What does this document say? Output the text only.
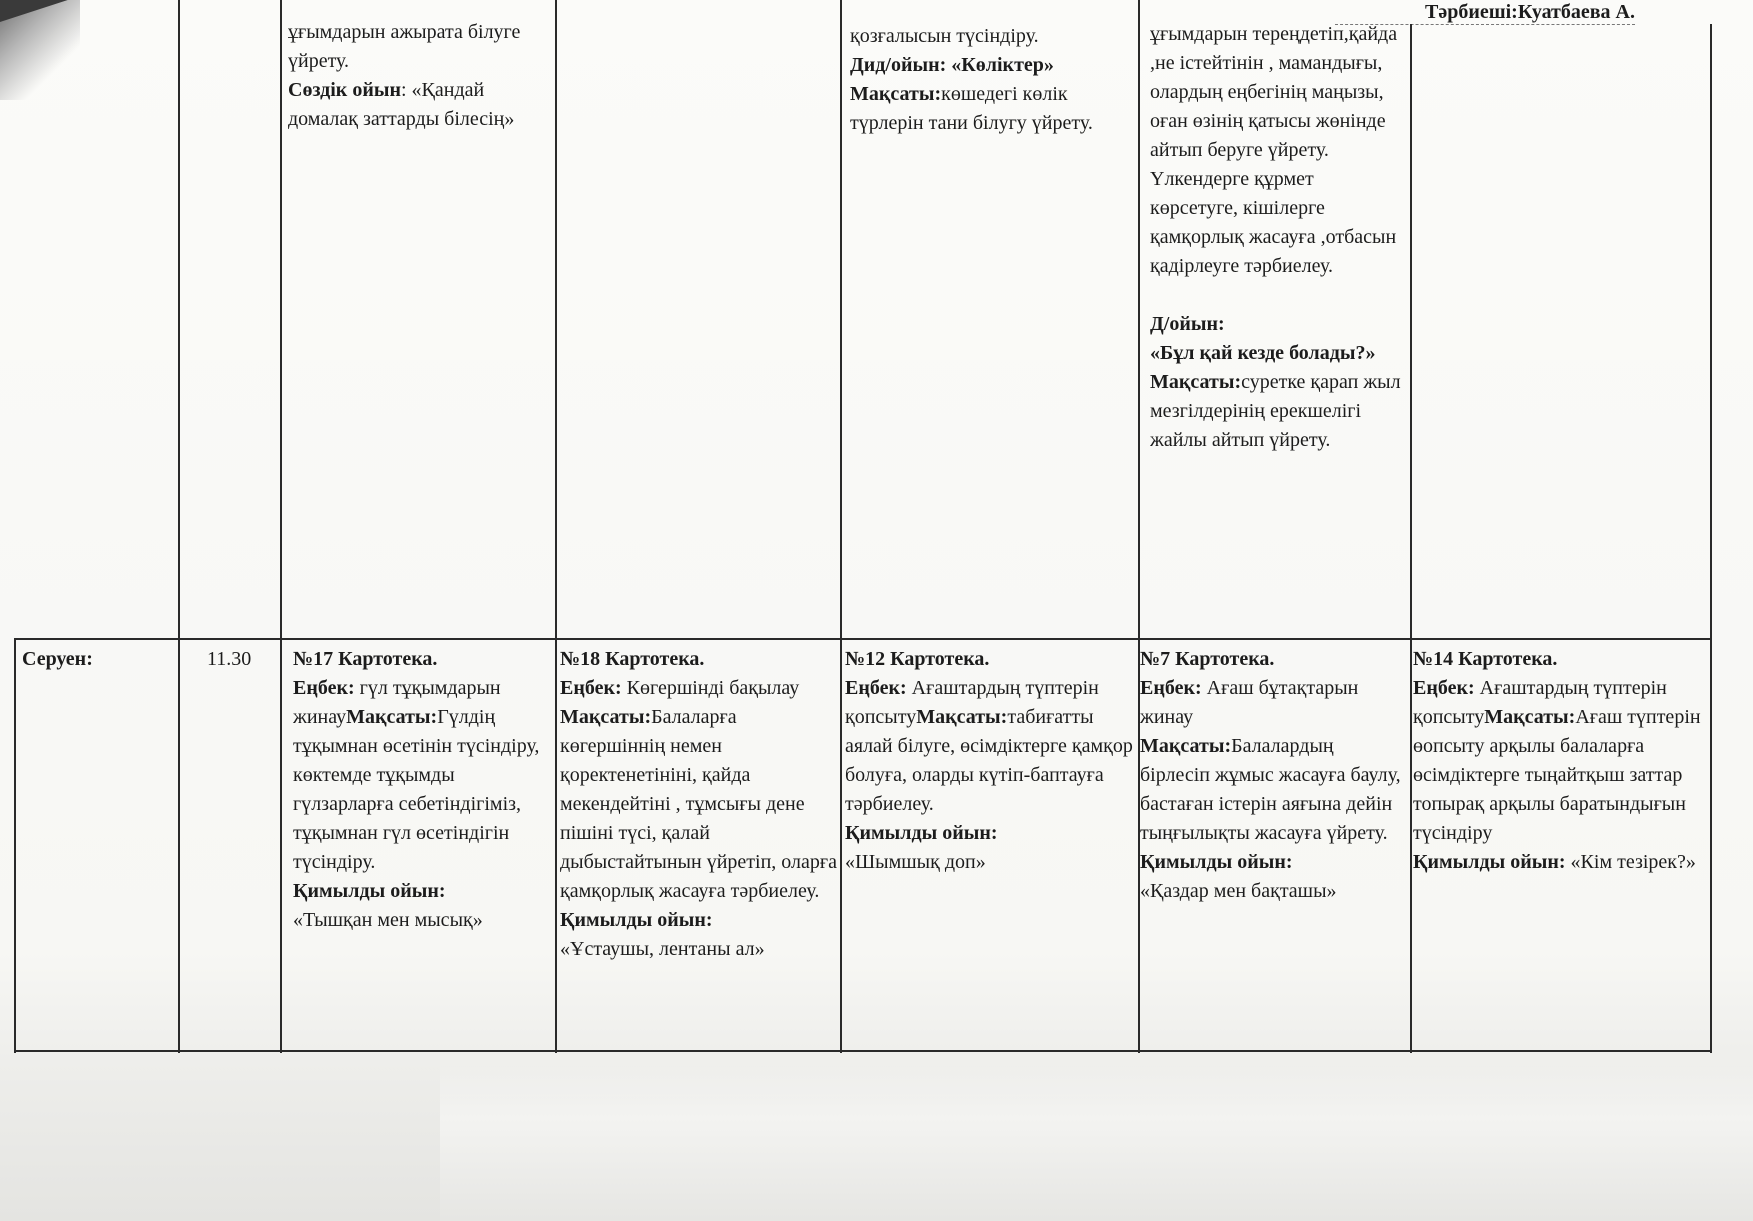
Тәрбиеші:Куатбаева А.
ұғымдарын ажырата білуге үйрету.
Сөздік ойын: «Қандай домалақ заттарды білесің»
қозғалысын түсіндіру.
Дид/ойын: «Көліктер»
Мақсаты:көшедегі көлік түрлерін тани білугу үйрету.
ұғымдарын тереңдетіп,қайда ,не істейтінін , мамандығы, олардың еңбегінің маңызы, оған өзінің қатысы жөнінде айтып беруге үйрету. Үлкендерге құрмет көрсетуге, кішілерге қамқорлық жасауға ,отбасын қадірлеуге тәрбиелеу.

Д/ойын:
«Бұл қай кезде болады?»
Мақсаты:суретке қарап жыл мезгілдерінің ерекшелігі жайлы айтып үйрету.
Серуен:	11.30	№17 Картотека.
Еңбек: гүл тұқымдарын жинауМақсаты:Гүлдің тұқымнан өсетінін түсіндіру, көктемде тұқымды гүлзарларға себетіндігіміз, тұқымнан гүл өсетіндігін түсіндіру.
Қимылды ойын:
«Тышқан мен мысық»
№18 Картотека.
Еңбек: Көгершінді бақылау
Мақсаты:Балаларға көгершіннің немен қоректенетініні, қайда мекендейтіні , тұмсығы дене пішіні түсі, қалай дыбыстайтынын үйретіп, оларға қамқорлық жасауға тәрбиелеу.
Қимылды ойын:
«Ұстаушы, лентаны ал»
№12 Картотека.
Еңбек: Ағаштардың түптерін қопсытуМақсаты:табиғатты аялай білуге, өсімдіктерге қамқор болуға, оларды күтіп-баптауға тәрбиелеу.
Қимылды ойын:
«Шымшық доп»
№7 Картотека.
Еңбек: Ағаш бұтақтарын жинау
Мақсаты:Балалардың бірлесіп жұмыс жасауға баулу, бастаған істерін аяғына дейін тыңғылықты жасауға үйрету.
Қимылды ойын:
«Қаздар мен бақташы»
№14 Картотека.
Еңбек: Ағаштардың түптерін қопсытуМақсаты:Ағаш түптерін өопсыту арқылы балаларға өсімдіктерге тыңайтқыш заттар топырақ арқылы баратындығын түсіндіру
Қимылды ойын: «Кім тезірек?»
